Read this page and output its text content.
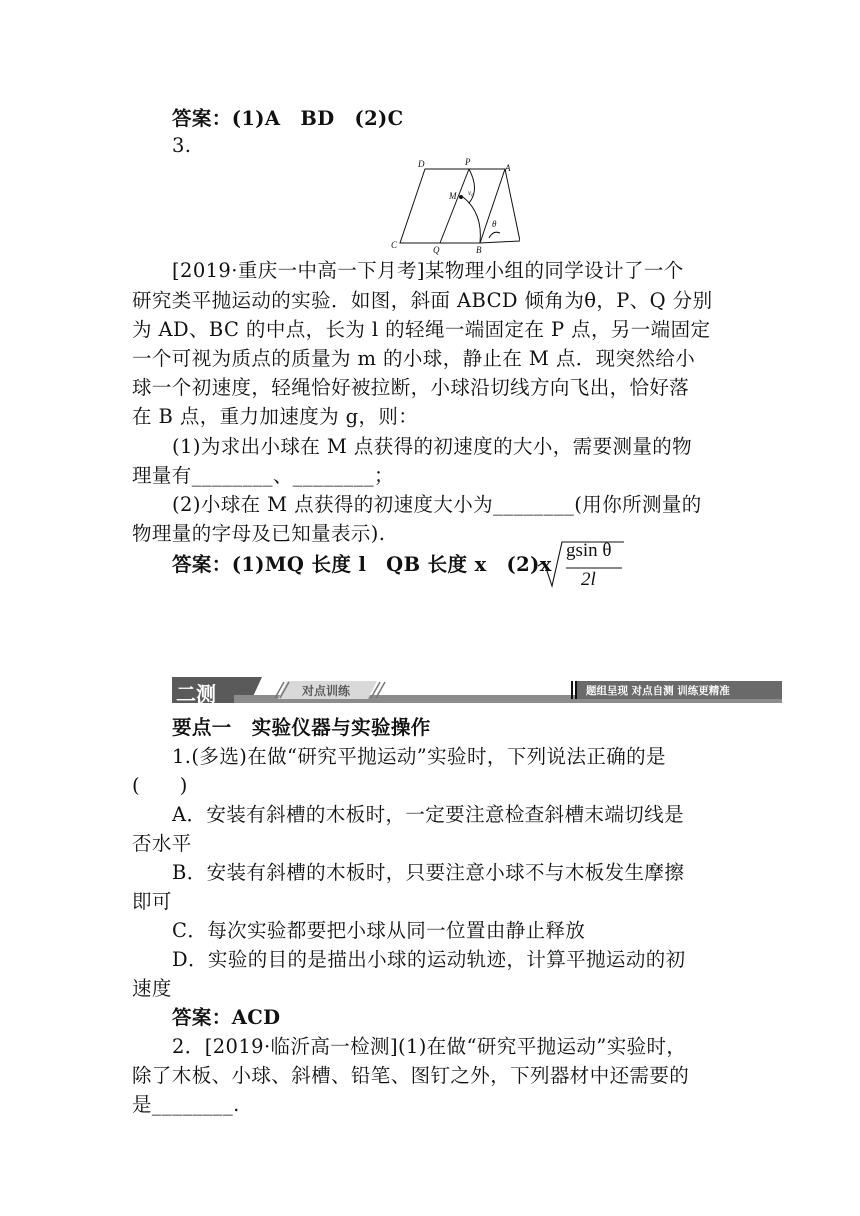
答案：(1)A　BD　(2)C
3.
D	P
A
M v₀
θ
C	Q	B
[2019·重庆一中高一下月考]某物理小组的同学设计了一个
研究类平抛运动的实验．如图，斜面 ABCD 倾角为θ，P、Q 分别
为 AD、BC 的中点，长为 l 的轻绳一端固定在 P 点，另一端固定
一个可视为质点的质量为 m 的小球，静止在 M 点．现突然给小
球一个初速度，轻绳恰好被拉断，小球沿切线方向飞出，恰好落
在 B 点，重力加速度为 g，则：
(1)为求出小球在 M 点获得的初速度的大小，需要测量的物
理量有________、________；
(2)小球在 M 点获得的初速度大小为________(用你所测量的
物理量的字母及已知量表示).
答案：(1)MQ 长度 l　QB 长度 x　(2)x
gsin θ
2l
二测	对点训练	题组呈现 对点自测 训练更精准
要点一　实验仪器与实验操作
1.(多选)在做“研究平抛运动”实验时，下列说法正确的是
(　　)
A．安装有斜槽的木板时，一定要注意检查斜槽末端切线是
否水平
B．安装有斜槽的木板时，只要注意小球不与木板发生摩擦
即可
C．每次实验都要把小球从同一位置由静止释放
D．实验的目的是描出小球的运动轨迹，计算平抛运动的初
速度
答案：ACD
2．[2019·临沂高一检测](1)在做“研究平抛运动”实验时，
除了木板、小球、斜槽、铅笔、图钉之外，下列器材中还需要的
是________.
